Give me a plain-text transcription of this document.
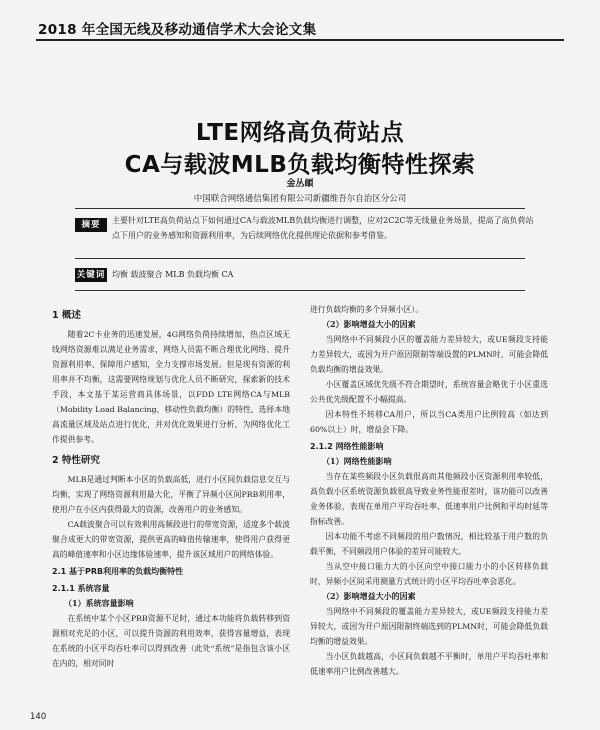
2018 年全国无线及移动通信学术大会论文集
LTE网络高负荷站点
CA与载波MLB负载均衡特性探索
金丛頔
中国联合网络通信集团有限公司新疆维吾尔自治区分公司
摘要	主要针对LTE高负荷站点下如何通过CA与载波MLB负载均衡进行调整，应对2C2C等无线量业务场景，提高了高负荷站点下用户的业务感知和资源利用率，为后续网络优化提供理论依据和参考借鉴。
关键词 均衡 载波聚合 MLB 负载均衡 CA
1 概述

随着2C卡业务的迅速发展，4G网络负荷持续增加，热点区域无线网络资源难以满足业务需求，网络人员需不断合理优化网络、提升资源利用率、保障用户感知，全力支撑市场发展。但是现有资源的利用率并不均衡，这需要网络规划与优化人员不断研究，探索新的技术手段，本文基于某运营商具体场景，以FDD LTE网络CA与MLB（Mobility Load Balancing，移动性负载均衡）的特性，选择本地高流量区域及站点进行优化，并对优化效果进行分析，为网络优化工作提供参考。

2 特性研究

MLB是通过判断本小区的负载高低，进行小区间负载信息交互与均衡，实现了网络资源利用最大化，平衡了异频小区间PRB利用率，使用户在小区内获得最大的资源，改善用户的业务感知。

CA载波聚合可以有效利用高频段进行的带宽资源，适度多个载波聚合成更大的带宽资源，提供更高的峰值传输速率，使得用户获得更高的峰值速率和小区边缘体验速率，提升该区域用户的网络体验。

2.1 基于PRB利用率的负载均衡特性
2.1.1 系统容量
（1）系统容量影响

在系统中某个小区PRB资源不足时，通过本功能将负载转移到资源相对充足的小区，可以提升资源的利用效率，获得容量增益，表现在系统的小区平均吞吐率可以得到改善（此处“系统”是指包含该小区在内的，相对同时

进行负载均衡的多个异频小区）。

（2）影响增益大小的因素

当网络中不同频段小区的覆盖能力差异较大，或UE频段支持能力差异较大，或因为开户原因限制等端设置的PLMN时，可能会降低负载均衡的增益效果。

小区覆盖区域优先级不符合期望时，系统容量会略优于小区重选公共优先级配置不小幅提高。

因本特性不转移CA用户，所以当CA类用户比例较高（如达到60%以上）时，增益会下降。

2.1.2 网络性能影响
（1）网络性能影响

当存在某些频段小区负载很高而其他频段小区资源利用率较低，高负载小区系统资源负载很高导致业务性能很差时，该功能可以改善业务体验，表现在单用户平均吞吐率、低速率用户比例和平均时延等指标改善。

因本功能不考虑不同频段的用户数情况，相比较基于用户数的负载平衡，不同频段用户体验的差异可能较大。

当从空中接口能力大的小区向空中接口能力小的小区转移负载时，异频小区间采用测量方式统计的小区平均吞吐率会恶化。

（2）影响增益大小的因素

当网络中不同频段的覆盖能力差异较大，或UE频段支持能力差异较大，或因为开户原因限制终端选到的PLMN时，可能会降低负载均衡的增益效果。

当小区负载越高，小区间负载越不平衡时，单用户平均吞吐率和低速率用户比例改善越大。

140
